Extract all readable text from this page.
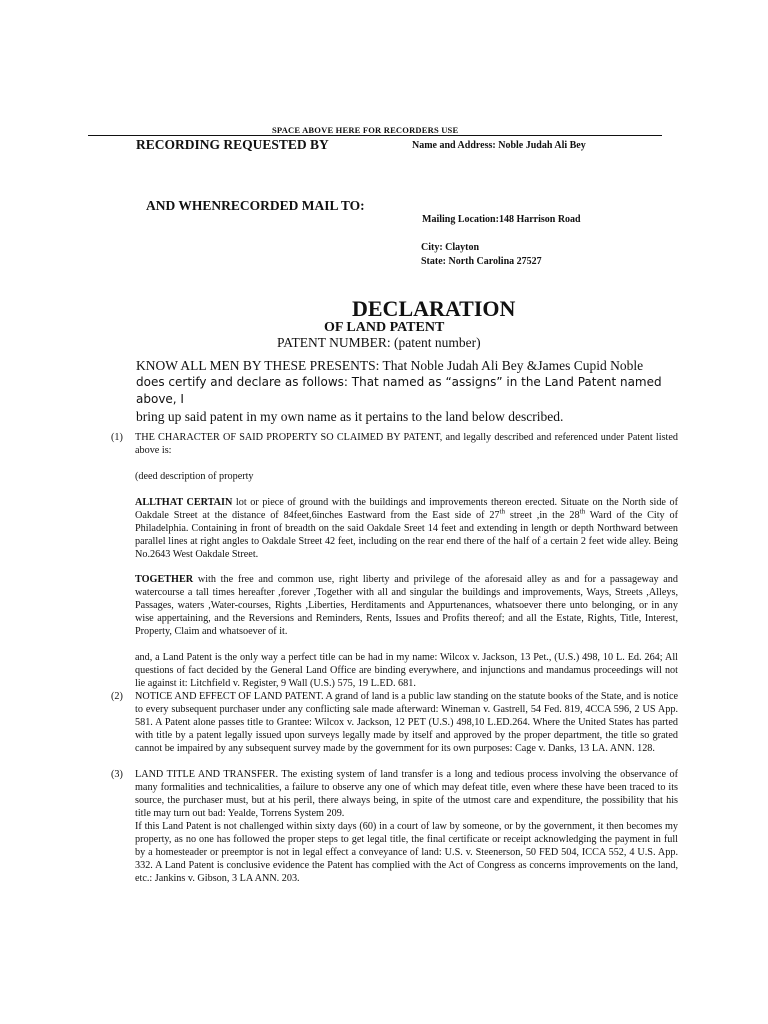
SPACE ABOVE HERE FOR RECORDERS USE
RECORDING REQUESTED BY	Name and Address: Noble Judah Ali Bey
AND WHENRECORDED MAIL TO:
Mailing Location:148 Harrison Road
City: Clayton
State: North Carolina 27527
DECLARATION
OF LAND PATENT
PATENT NUMBER: (patent number)
KNOW ALL MEN BY THESE PRESENTS: That Noble Judah Ali Bey &James Cupid Noble
does certify and declare as follows: That named as “assigns” in the Land Patent named above, I
bring up said patent in my own name as it pertains to the land below described.
(1) THE CHARACTER OF SAID PROPERTY SO CLAIMED BY PATENT, and legally described and referenced under Patent listed above is:
(deed description of property
ALLTHAT CERTAIN lot or piece of ground with the buildings and improvements thereon erected. Situate on the North side of Oakdale Street at the distance of 84feet,6inches Eastward from the East side of 27th street ,in the 28th Ward of the City of Philadelphia. Containing in front of breadth on the said Oakdale Sreet 14 feet and extending in length or depth Northward between parallel lines at right angles to Oakdale Street 42 feet, including on the rear end there of the half of a certain 2 feet wide alley. Being No.2643 West Oakdale Street.
TOGETHER with the free and common use, right liberty and privilege of the aforesaid alley as and for a passageway and watercourse a tall times hereafter ,forever ,Together with all and singular the buildings and improvements, Ways, Streets ,Alleys, Passages, waters ,Water-courses, Rights ,Liberties, Herditaments and Appurtenances, whatsoever there unto belonging, or in any wise appertaining, and the Reversions and Reminders, Rents, Issues and Profits thereof; and all the Estate, Rights, Title, Interest, Property, Claim and whatsoever of it.
and, a Land Patent is the only way a perfect title can be had in my name: Wilcox v. Jackson, 13 Pet., (U.S.) 498, 10 L. Ed. 264; All questions of fact decided by the General Land Office are binding everywhere, and injunctions and mandamus proceedings will not lie against it: Litchfield v. Register, 9 Wall (U.S.) 575, 19 L.ED. 681.
(2) NOTICE AND EFFECT OF LAND PATENT. A grand of land is a public law standing on the statute books of the State, and is notice to every subsequent purchaser under any conflicting sale made afterward: Wineman v. Gastrell, 54 Fed. 819, 4CCA 596, 2 US App. 581. A Patent alone passes title to Grantee: Wilcox v. Jackson, 12 PET (U.S.) 498,10 L.ED.264. Where the United States has parted with title by a patent legally issued upon surveys legally made by itself and approved by the proper department, the title so grated cannot be impaired by any subsequent survey made by the government for its own purposes: Cage v. Danks, 13 LA. ANN. 128.
(3) LAND TITLE AND TRANSFER. The existing system of land transfer is a long and tedious process involving the observance of many formalities and technicalities, a failure to observe any one of which may defeat title, even where these have been traced to its source, the purchaser must, but at his peril, there always being, in spite of the utmost care and expenditure, the possibility that his title may turn out bad: Yealde, Torrens System 209.
If this Land Patent is not challenged within sixty days (60) in a court of law by someone, or by the government, it then becomes my property, as no one has followed the proper steps to get legal title, the final certificate or receipt acknowledging the payment in full by a homesteader or preemptor is not in legal effect a conveyance of land: U.S. v. Steenerson, 50 FED 504, ICCA 552, 4 U.S. App. 332. A Land Patent is conclusive evidence the Patent has complied with the Act of Congress as concerns improvements on the land, etc.: Jankins v. Gibson, 3 LA ANN. 203.
